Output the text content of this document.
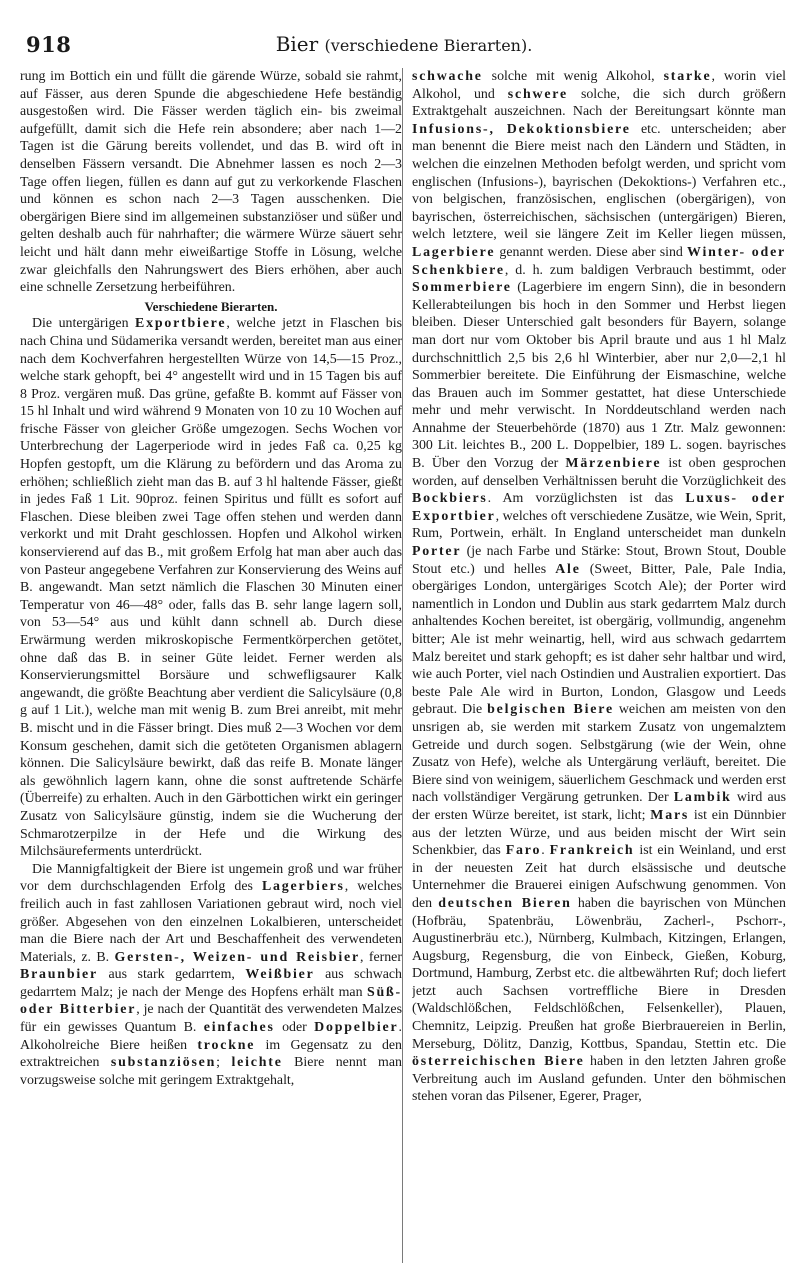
918	Bier (verschiedene Bierarten).

rung im Bottich ein und füllt die gärende Würze, sobald sie rahmt, auf Fässer, aus deren Spunde die abgeschiedene Hefe beständig ausgestoßen wird. Die Fässer werden täglich ein- bis zweimal aufgefüllt, damit sich die Hefe rein absondere; aber nach 1—2 Tagen ist die Gärung bereits vollendet, und das B. wird oft in denselben Fässern versandt. Die Abnehmer lassen es noch 2—3 Tage offen liegen, füllen es dann auf gut zu verkorkende Flaschen und können es schon nach 2—3 Tagen ausschenken. Die obergärigen Biere sind im allgemeinen substanziöser und süßer und gelten deshalb auch für nahrhafter; die wärmere Würze säuert sehr leicht und hält dann mehr eiweißartige Stoffe in Lösung, welche zwar gleichfalls den Nahrungswert des Biers erhöhen, aber auch eine schnelle Zersetzung herbeiführen.

Verschiedene Bierarten.

Die untergärigen Exportbiere, welche jetzt in Flaschen bis nach China und Südamerika versandt werden, bereitet man aus einer nach dem Kochverfahren hergestellten Würze von 14,5—15 Proz., welche stark gehopft, bei 4° angestellt wird und in 15 Tagen bis auf 8 Proz. vergären muß. Das grüne, gefaßte B. kommt auf Fässer von 15 hl Inhalt und wird während 9 Monaten von 10 zu 10 Wochen auf frische Fässer von gleicher Größe umgezogen. Sechs Wochen vor Unterbrechung der Lagerperiode wird in jedes Faß ca. 0,25 kg Hopfen gestopft, um die Klärung zu befördern und das Aroma zu erhöhen; schließlich zieht man das B. auf 3 hl haltende Fässer, gießt in jedes Faß 1 Lit. 90proz. feinen Spiritus und füllt es sofort auf Flaschen. Diese bleiben zwei Tage offen stehen und werden dann verkorkt und mit Draht geschlossen. Hopfen und Alkohol wirken konservierend auf das B., mit großem Erfolg hat man aber auch das von Pasteur angegebene Verfahren zur Konservierung des Weins auf B. angewandt. Man setzt nämlich die Flaschen 30 Minuten einer Temperatur von 46—48° oder, falls das B. sehr lange lagern soll, von 53—54° aus und kühlt dann schnell ab. Durch diese Erwärmung werden mikroskopische Fermentkörperchen getötet, ohne daß das B. in seiner Güte leidet. Ferner werden als Konservierungsmittel Borsäure und schwefligsaurer Kalk angewandt, die größte Beachtung aber verdient die Salicylsäure (0,8 g auf 1 Lit.), welche man mit wenig B. zum Brei anreibt, mit mehr B. mischt und in die Fässer bringt. Dies muß 2—3 Wochen vor dem Konsum geschehen, damit sich die getöteten Organismen ablagern können. Die Salicylsäure bewirkt, daß das reife B. Monate länger als gewöhnlich lagern kann, ohne die sonst auftretende Schärfe (Überreife) zu erhalten. Auch in den Gärbottichen wirkt ein geringer Zusatz von Salicylsäure günstig, indem sie die Wucherung der Schmarotzerpilze in der Hefe und die Wirkung des Milchsäureferments unterdrückt.

Die Mannigfaltigkeit der Biere ist ungemein groß und war früher vor dem durchschlagenden Erfolg des Lagerbiers, welches freilich auch in fast zahllosen Variationen gebraut wird, noch viel größer. Abgesehen von den einzelnen Lokalbieren, unterscheidet man die Biere nach der Art und Beschaffenheit des verwendeten Materials, z. B. Gersten-, Weizen- und Reisbier, ferner Braunbier aus stark gedarrtem, Weißbier aus schwach gedarrtem Malz; je nach der Menge des Hopfens erhält man Süß- oder Bitterbier, je nach der Quantität des verwendeten Malzes für ein gewisses Quantum B. einfaches oder Doppelbier. Alkoholreiche Biere heißen trockne im Gegensatz zu den extraktreichen substanziösen; leichte Biere nennt man vorzugsweise solche mit geringem Extraktgehalt,

schwache solche mit wenig Alkohol, starke, worin viel Alkohol, und schwere solche, die sich durch größern Extraktgehalt auszeichnen. Nach der Bereitungsart könnte man Infusions-, Dekoktionsbiere etc. unterscheiden; aber man benennt die Biere meist nach den Ländern und Städten, in welchen die einzelnen Methoden befolgt werden, und spricht vom englischen (Infusions-), bayrischen (Dekoktions-) Verfahren etc., von belgischen, französischen, englischen (obergärigen), von bayrischen, österreichischen, sächsischen (untergärigen) Bieren, welch letztere, weil sie längere Zeit im Keller liegen müssen, Lagerbiere genannt werden. Diese aber sind Winter- oder Schenkbiere, d. h. zum baldigen Verbrauch bestimmt, oder Sommerbiere (Lagerbiere im engern Sinn), die in besondern Kellerabteilungen bis hoch in den Sommer und Herbst liegen bleiben. Dieser Unterschied galt besonders für Bayern, solange man dort nur vom Oktober bis April braute und aus 1 hl Malz durchschnittlich 2,5 bis 2,6 hl Winterbier, aber nur 2,0—2,1 hl Sommerbier bereitete. Die Einführung der Eismaschine, welche das Brauen auch im Sommer gestattet, hat diese Unterschiede mehr und mehr verwischt. In Norddeutschland werden nach Annahme der Steuerbehörde (1870) aus 1 Ztr. Malz gewonnen: 300 Lit. leichtes B., 200 L. Doppelbier, 189 L. sogen. bayrisches B. Über den Vorzug der Märzenbiere ist oben gesprochen worden, auf denselben Verhältnissen beruht die Vorzüglichkeit des Bockbiers. Am vorzüglichsten ist das Luxus- oder Exportbier, welches oft verschiedene Zusätze, wie Wein, Sprit, Rum, Portwein, erhält. In England unterscheidet man dunkeln Porter (je nach Farbe und Stärke: Stout, Brown Stout, Double Stout etc.) und helles Ale (Sweet, Bitter, Pale, Pale India, obergäriges London, untergäriges Scotch Ale); der Porter wird namentlich in London und Dublin aus stark gedarrtem Malz durch anhaltendes Kochen bereitet, ist obergärig, vollmundig, angenehm bitter; Ale ist mehr weinartig, hell, wird aus schwach gedarrtem Malz bereitet und stark gehopft; es ist daher sehr haltbar und wird, wie auch Porter, viel nach Ostindien und Australien exportiert. Das beste Pale Ale wird in Burton, London, Glasgow und Leeds gebraut. Die belgischen Biere weichen am meisten von den unsrigen ab, sie werden mit starkem Zusatz von ungemalztem Getreide und durch sogen. Selbstgärung (wie der Wein, ohne Zusatz von Hefe), welche als Untergärung verläuft, bereitet. Die Biere sind von weinigem, säuerlichem Geschmack und werden erst nach vollständiger Vergärung getrunken. Der Lambik wird aus der ersten Würze bereitet, ist stark, licht; Mars ist ein Dünnbier aus der letzten Würze, und aus beiden mischt der Wirt sein Schenkbier, das Faro. Frankreich ist ein Weinland, und erst in der neuesten Zeit hat durch elsässische und deutsche Unternehmer die Brauerei einigen Aufschwung genommen. Von den deutschen Bieren haben die bayrischen von München (Hofbräu, Spatenbräu, Löwenbräu, Zacherl-, Pschorr-, Augustinerbräu etc.), Nürnberg, Kulmbach, Kitzingen, Erlangen, Augsburg, Regensburg, die von Einbeck, Gießen, Koburg, Dortmund, Hamburg, Zerbst etc. die altbewährten Ruf; doch liefert jetzt auch Sachsen vortreffliche Biere in Dresden (Waldschlößchen, Feldschlößchen, Felsenkeller), Plauen, Chemnitz, Leipzig. Preußen hat große Bierbrauereien in Berlin, Merseburg, Dölitz, Danzig, Kottbus, Spandau, Stettin etc. Die österreichischen Biere haben in den letzten Jahren große Verbreitung auch im Ausland gefunden. Unter den böhmischen stehen voran das Pilsener, Egerer, Prager,
